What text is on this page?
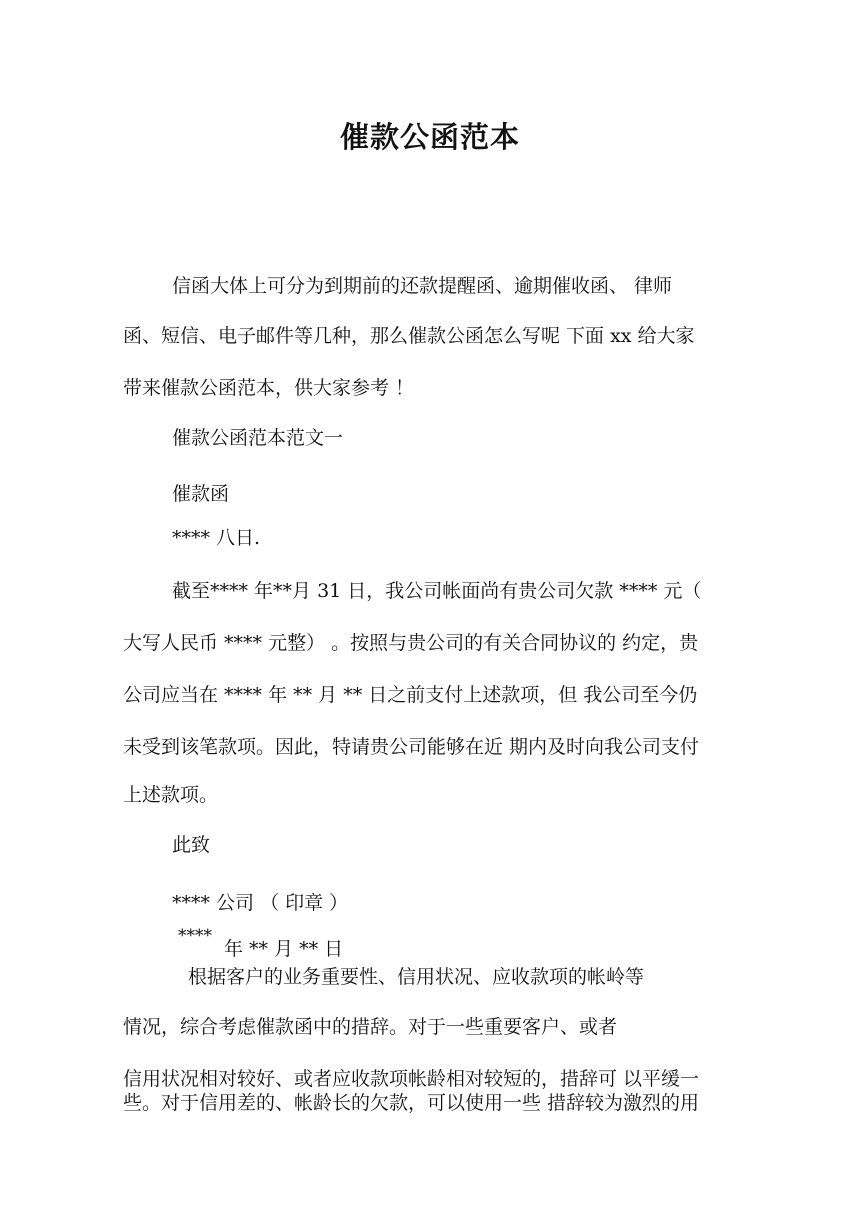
催款公函范本
信函大体上可分为到期前的还款提醒函、逾期催收函、 律师
函、短信、电子邮件等几种，那么催款公函怎么写呢 下面 xx 给大家
带来催款公函范本，供大家参考 ！
催款公函范本范文一
催款函
**** 八日.
截至**** 年**月 31 日，我公司帐面尚有贵公司欠款 **** 元（
大写人民币 **** 元整） 。按照与贵公司的有关合同协议的 约定，贵
公司应当在 **** 年 ** 月 ** 日之前支付上述款项，但 我公司至今仍
未受到该笔款项。因此，特请贵公司能够在近 期内及时向我公司支付
上述款项。
此致
**** 公司 （ 印章 ）
****
年 ** 月 ** 日
根据客户的业务重要性、信用状况、应收款项的帐岭等
情况，综合考虑催款函中的措辞。对于一些重要客户、或者
信用状况相对较好、或者应收款项帐龄相对较短的，措辞可 以平缓一
些。对于信用差的、帐龄长的欠款，可以使用一些 措辞较为激烈的用
